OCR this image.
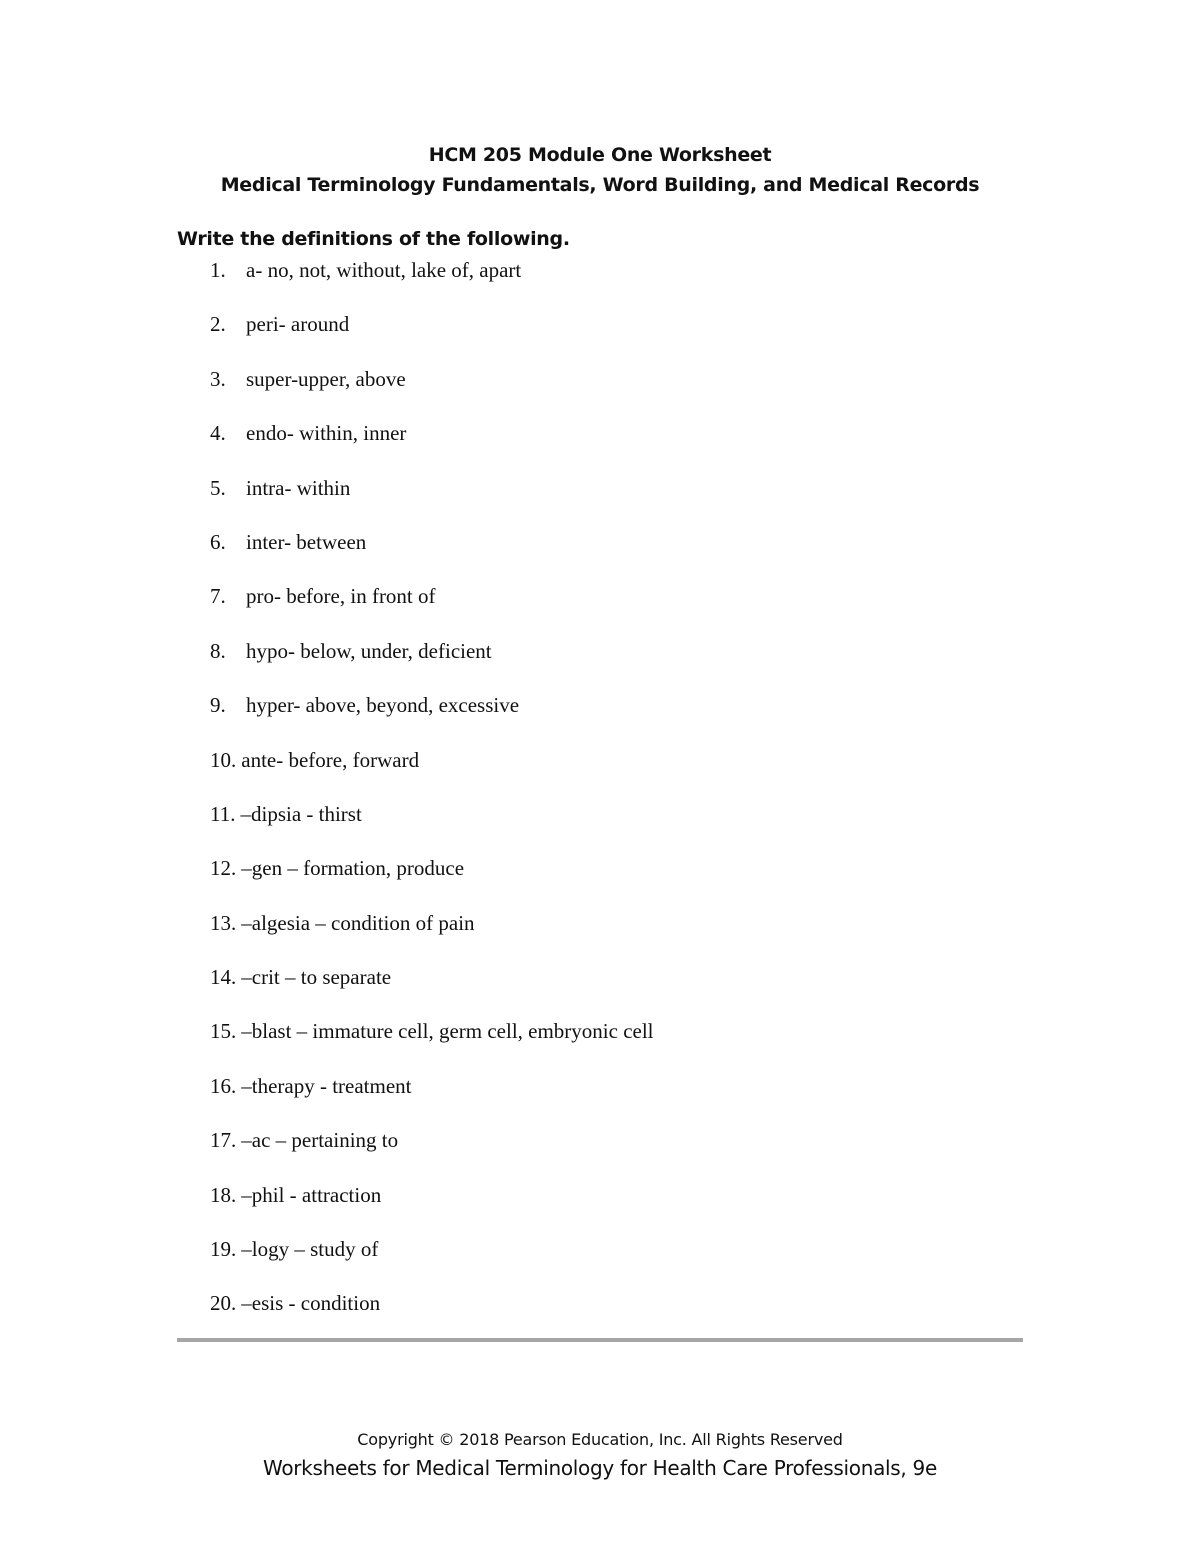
HCM 205 Module One Worksheet
Medical Terminology Fundamentals, Word Building, and Medical Records
Write the definitions of the following.
1. a- no, not, without, lake of, apart
2. peri- around
3. super-upper, above
4. endo- within, inner
5. intra- within
6. inter- between
7. pro- before, in front of
8. hypo- below, under, deficient
9. hyper- above, beyond, excessive
10. ante- before, forward
11. –dipsia - thirst
12. –gen – formation, produce
13. –algesia – condition of pain
14. –crit – to separate
15. –blast – immature cell, germ cell, embryonic cell
16. –therapy - treatment
17. –ac – pertaining to
18. –phil - attraction
19. –logy – study of
20. –esis - condition
Copyright © 2018 Pearson Education, Inc. All Rights Reserved
Worksheets for Medical Terminology for Health Care Professionals, 9e
